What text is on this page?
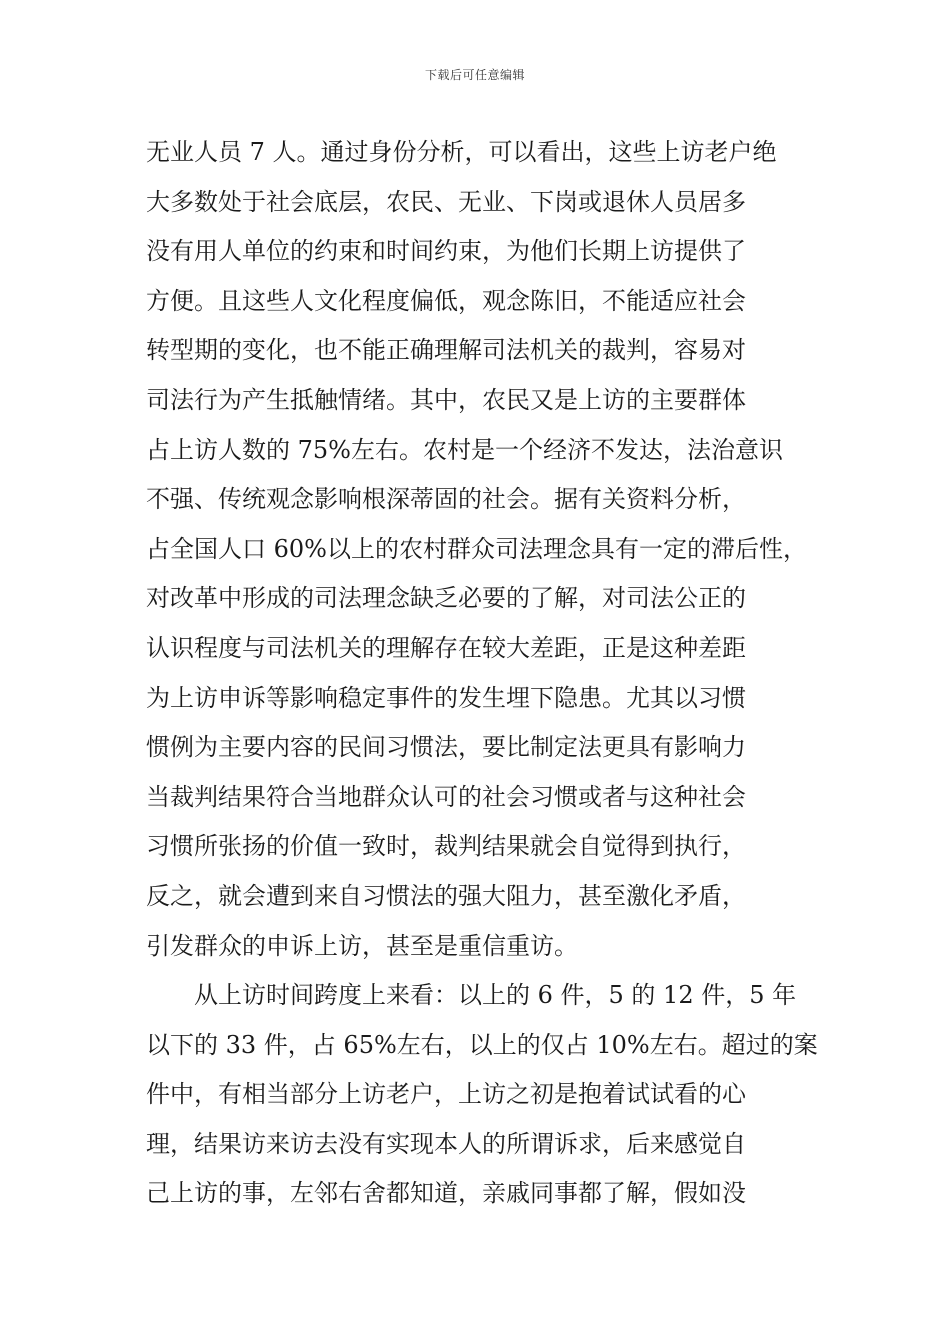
下载后可任意编辑
无业人员 7 人。通过身份分析，可以看出，这些上访老户绝
大多数处于社会底层，农民、无业、下岗或退休人员居多
没有用人单位的约束和时间约束，为他们长期上访提供了
方便。且这些人文化程度偏低，观念陈旧，不能适应社会
转型期的变化，也不能正确理解司法机关的裁判，容易对
司法行为产生抵触情绪。其中，农民又是上访的主要群体
占上访人数的 75%左右。农村是一个经济不发达，法治意识
不强、传统观念影响根深蒂固的社会。据有关资料分析，
占全国人口 60%以上的农村群众司法理念具有一定的滞后性，
对改革中形成的司法理念缺乏必要的了解，对司法公正的
认识程度与司法机关的理解存在较大差距，正是这种差距
为上访申诉等影响稳定事件的发生埋下隐患。尤其以习惯
惯例为主要内容的民间习惯法，要比制定法更具有影响力
当裁判结果符合当地群众认可的社会习惯或者与这种社会
习惯所张扬的价值一致时，裁判结果就会自觉得到执行，
反之，就会遭到来自习惯法的强大阻力，甚至激化矛盾，
引发群众的申诉上访，甚至是重信重访。
从上访时间跨度上来看：以上的 6 件，5 的 12 件，5 年
以下的 33 件，占 65%左右，以上的仅占 10%左右。超过的案
件中，有相当部分上访老户，上访之初是抱着试试看的心
理，结果访来访去没有实现本人的所谓诉求，后来感觉自
己上访的事，左邻右舍都知道，亲戚同事都了解，假如没
